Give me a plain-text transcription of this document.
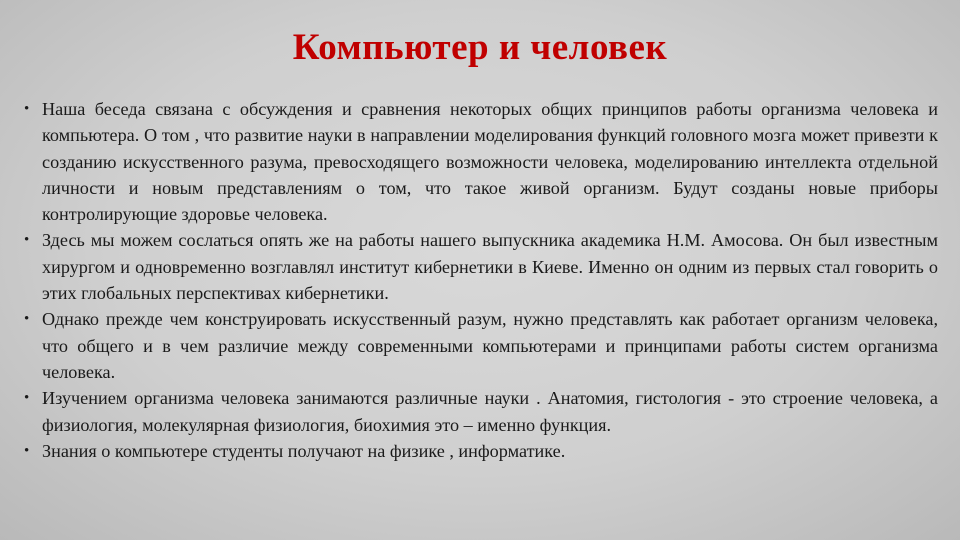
Компьютер и человек
• Наша беседа связана с обсуждения и сравнения некоторых общих принципов работы организма человека и компьютера. О том , что развитие науки в направлении моделирования функций головного мозга может привезти к созданию искусственного разума, превосходящего возможности человека, моделированию интеллекта отдельной личности и новым представлениям о том, что такое живой организм. Будут созданы новые приборы контролирующие здоровье человека.
• Здесь мы можем сослаться опять же на работы нашего выпускника академика Н.М. Амосова. Он был известным хирургом и одновременно возглавлял институт кибернетики в Киеве. Именно он одним из первых стал говорить о этих глобальных перспективах кибернетики.
• Однако прежде чем конструировать искусственный разум, нужно представлять как работает организм человека, что общего и в чем различие между современными компьютерами и принципами работы систем организма человека.
• Изучением организма человека занимаются различные науки . Анатомия, гистология - это строение человека, а физиология, молекулярная физиология, биохимия это – именно функция.
• Знания о компьютере студенты получают на физике , информатике.
